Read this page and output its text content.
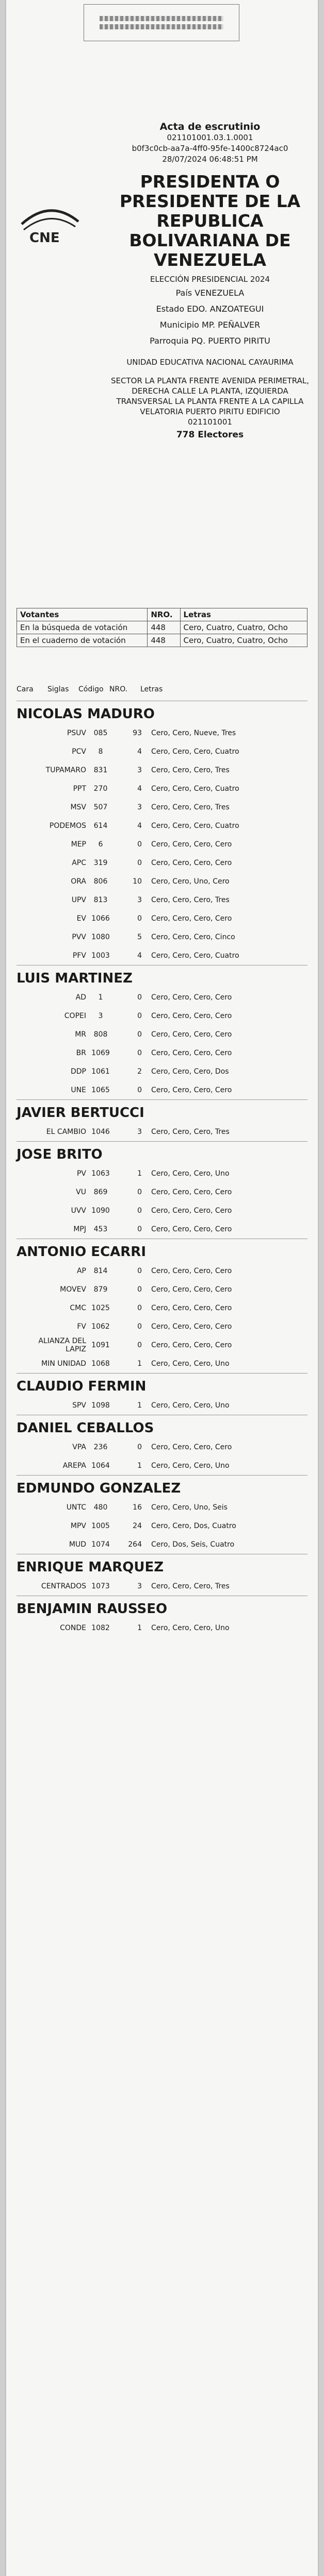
CNE
Acta de escrutinio
021101001.03.1.0001
b0f3c0cb-aa7a-4ff0-95fe-1400c8724ac0
28/07/2024 06:48:51 PM
PRESIDENTA O PRESIDENTE DE LA REPUBLICA BOLIVARIANA DE VENEZUELA
ELECCIÓN PRESIDENCIAL 2024
País VENEZUELA
Estado EDO. ANZOATEGUI
Municipio MP. PEÑALVER
Parroquia PQ. PUERTO PIRITU
UNIDAD EDUCATIVA NACIONAL CAYAURIMA
SECTOR LA PLANTA FRENTE AVENIDA PERIMETRAL, DERECHA CALLE LA PLANTA, IZQUIERDA TRANSVERSAL LA PLANTA FRENTE A LA CAPILLA VELATORIA PUERTO PIRITU EDIFICIO
021101001
778 Electores
Votantes	NRO.	Letras
En la búsqueda de votación	448	Cero, Cuatro, Cuatro, Ocho
En el cuaderno de votación	448	Cero, Cuatro, Cuatro, Ocho
Cara	Siglas	Código NRO.	Letras
NICOLAS MADURO
PSUV	085	93	Cero, Cero, Nueve, Tres
PCV	8	4	Cero, Cero, Cero, Cuatro
TUPAMARO	831	3	Cero, Cero, Cero, Tres
PPT	270	4	Cero, Cero, Cero, Cuatro
MSV	507	3	Cero, Cero, Cero, Tres
PODEMOS	614	4	Cero, Cero, Cero, Cuatro
MEP	6	0	Cero, Cero, Cero, Cero
APC	319	0	Cero, Cero, Cero, Cero
ORA	806	10	Cero, Cero, Uno, Cero
UPV	813	3	Cero, Cero, Cero, Tres
EV 1066	0	Cero, Cero, Cero, Cero
PVV 1080	5	Cero, Cero, Cero, Cinco
PFV 1003	4	Cero, Cero, Cero, Cuatro
LUIS MARTINEZ
AD	1	0	Cero, Cero, Cero, Cero
COPEI	3	0	Cero, Cero, Cero, Cero
MR	808	0	Cero, Cero, Cero, Cero
BR 1069	0	Cero, Cero, Cero, Cero
DDP 1061	2	Cero, Cero, Cero, Dos
UNE 1065	0	Cero, Cero, Cero, Cero
JAVIER BERTUCCI
EL CAMBIO 1046	3	Cero, Cero, Cero, Tres
JOSE BRITO
PV 1063	1	Cero, Cero, Cero, Uno
VU	869	0	Cero, Cero, Cero, Cero
UVV 1090	0	Cero, Cero, Cero, Cero
MPJ	453	0	Cero, Cero, Cero, Cero
ANTONIO ECARRI
AP	814	0	Cero, Cero, Cero, Cero
MOVEV	879	0	Cero, Cero, Cero, Cero
CMC 1025	0	Cero, Cero, Cero, Cero
FV 1062	0	Cero, Cero, Cero, Cero
ALIANZA DEL LAPIZ 1091	0	Cero, Cero, Cero, Cero
MIN UNIDAD 1068	1	Cero, Cero, Cero, Uno
CLAUDIO FERMIN
SPV 1098	1	Cero, Cero, Cero, Uno
DANIEL CEBALLOS
VPA	236	0	Cero, Cero, Cero, Cero
AREPA 1064	1	Cero, Cero, Cero, Uno
EDMUNDO GONZALEZ
UNTC	480	16	Cero, Cero, Uno, Seis
MPV 1005	24	Cero, Cero, Dos, Cuatro
MUD 1074	264	Cero, Dos, Seis, Cuatro
ENRIQUE MARQUEZ
CENTRADOS 1073	3	Cero, Cero, Cero, Tres
BENJAMIN RAUSSEO
CONDE 1082	1	Cero, Cero, Cero, Uno
